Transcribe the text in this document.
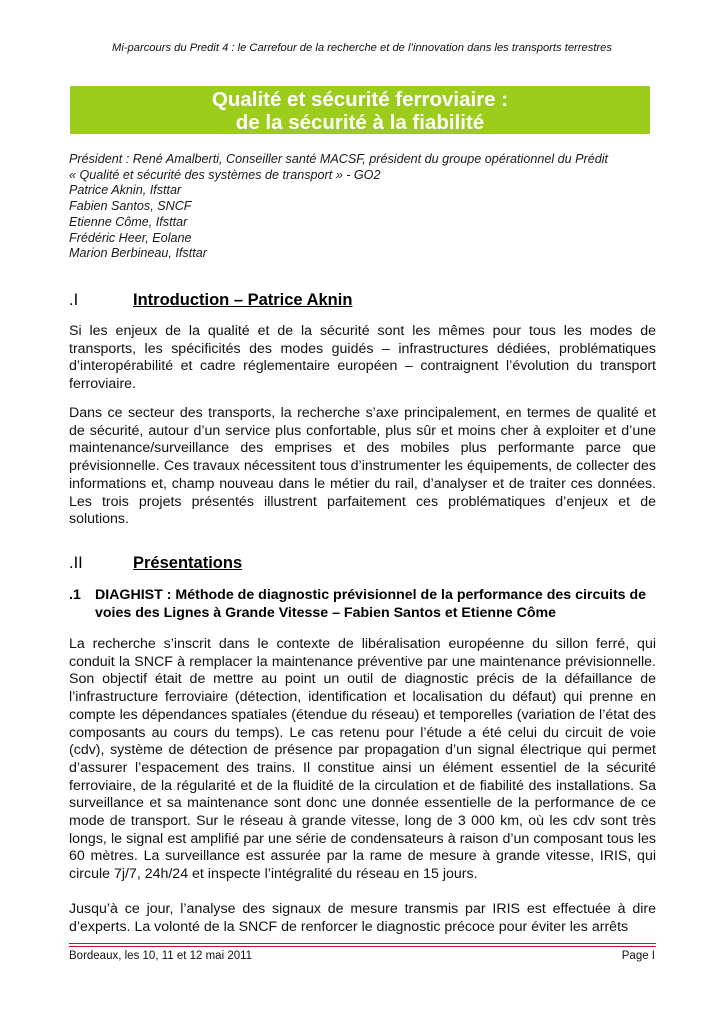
Mi-parcours du Predit 4 : le Carrefour de la recherche et de l’innovation dans les transports terrestres
Qualité et sécurité ferroviaire :
de la sécurité à la fiabilité
Président : René Amalberti, Conseiller santé MACSF, président du groupe opérationnel du Prédit
« Qualité et sécurité des systèmes de transport » - GO2
Patrice Aknin, Ifsttar
Fabien Santos, SNCF
Etienne Côme, Ifsttar
Frédéric Heer, Eolane
Marion Berbineau, Ifsttar
.I	Introduction – Patrice Aknin
Si les enjeux de la qualité et de la sécurité sont les mêmes pour tous les modes de transports, les spécificités des modes guidés – infrastructures dédiées, problématiques d’interopérabilité et cadre réglementaire européen – contraignent l’évolution du transport ferroviaire.
Dans ce secteur des transports, la recherche s’axe principalement, en termes de qualité et de sécurité, autour d’un service plus confortable, plus sûr et moins cher à exploiter et d’une maintenance/surveillance des emprises et des mobiles plus performante parce que prévisionnelle. Ces travaux nécessitent tous d’instrumenter les équipements, de collecter des informations et, champ nouveau dans le métier du rail, d’analyser et de traiter ces données. Les trois projets présentés illustrent parfaitement ces problématiques d’enjeux et de solutions.
.II	Présentations
.1 DIAGHIST : Méthode de diagnostic prévisionnel de la performance des circuits de voies des Lignes à Grande Vitesse – Fabien Santos et Etienne Côme
La recherche s’inscrit dans le contexte de libéralisation européenne du sillon ferré, qui conduit la SNCF à remplacer la maintenance préventive par une maintenance prévisionnelle. Son objectif était de mettre au point un outil de diagnostic précis de la défaillance de l’infrastructure ferroviaire (détection, identification et localisation du défaut) qui prenne en compte les dépendances spatiales (étendue du réseau) et temporelles (variation de l’état des composants au cours du temps). Le cas retenu pour l’étude a été celui du circuit de voie (cdv), système de détection de présence par propagation d’un signal électrique qui permet d’assurer l’espacement des trains. Il constitue ainsi un élément essentiel de la sécurité ferroviaire, de la régularité et de la fluidité de la circulation et de fiabilité des installations. Sa surveillance et sa maintenance sont donc une donnée essentielle de la performance de ce mode de transport. Sur le réseau à grande vitesse, long de 3 000 km, où les cdv sont très longs, le signal est amplifié par une série de condensateurs à raison d’un composant tous les 60 mètres. La surveillance est assurée par la rame de mesure à grande vitesse, IRIS, qui circule 7j/7, 24h/24 et inspecte l’intégralité du réseau en 15 jours.
Jusqu’à ce jour, l’analyse des signaux de mesure transmis par IRIS est effectuée à dire d’experts. La volonté de la SNCF de renforcer le diagnostic précoce pour éviter les arrêts
Bordeaux, les 10, 11 et 12 mai 2011	Page I
